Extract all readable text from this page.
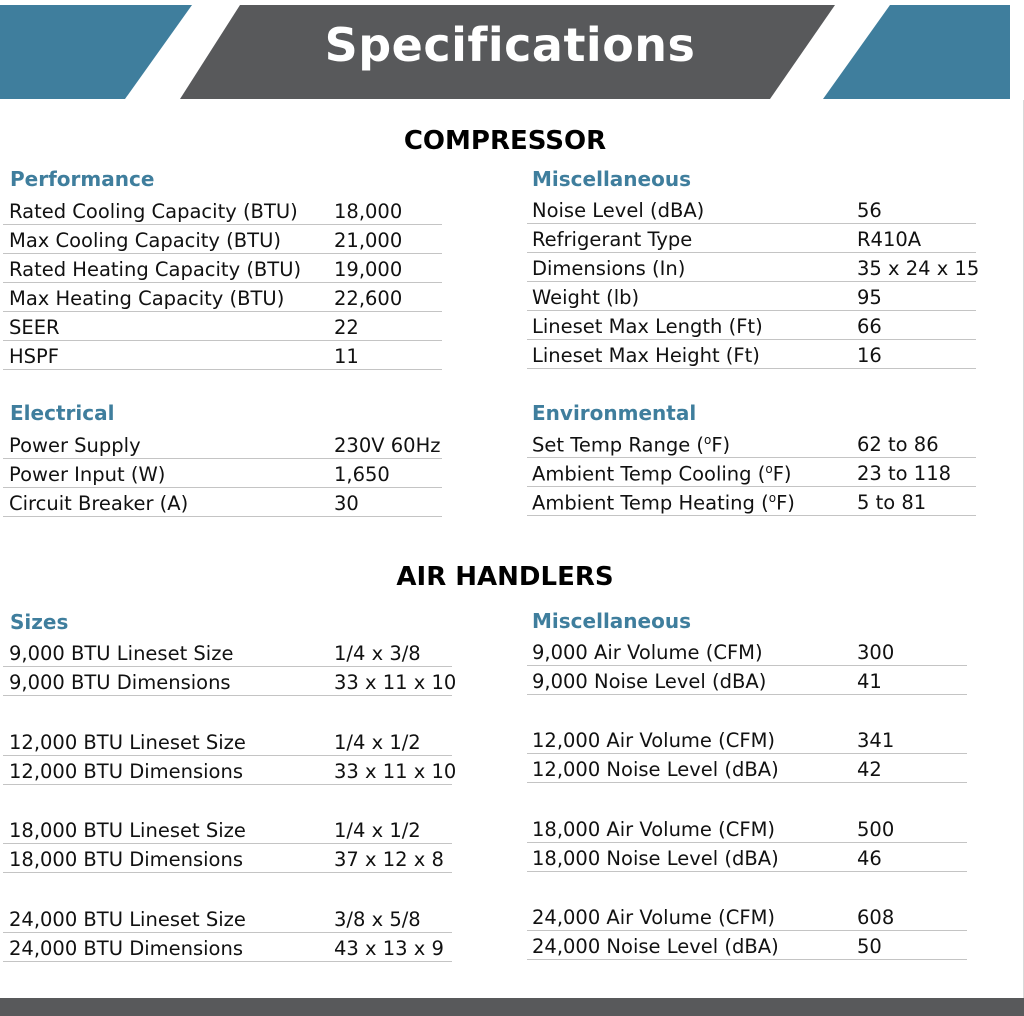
Specifications
COMPRESSOR
Performance
Rated Cooling Capacity (BTU) 18,000
Max Cooling Capacity (BTU)	21,000
Rated Heating Capacity (BTU) 19,000
Max Heating Capacity (BTU)	22,600
SEER	22
HSPF	11
Miscellaneous
Noise Level (dBA)	56
Refrigerant Type	R410A
Dimensions (In)	35 x 24 x 15
Weight (lb)	95
Lineset Max Length (Ft)	66
Lineset Max Height (Ft)	16
Electrical
Power Supply	230V 60Hz
Power Input (W)	1,650
Circuit Breaker (A)	30
Environmental
Set Temp Range ($^o$F)	62 to 86
Ambient Temp Cooling ($^o$F)	23 to 118
Ambient Temp Heating ($^o$F)	5 to 81
AIR HANDLERS
Sizes
9,000 BTU Lineset Size	1/4 x 3/8
9,000 BTU Dimensions	33 x 11 x 10
12,000 BTU Lineset Size	1/4 x 1/2
12,000 BTU Dimensions	33 x 11 x 10
18,000 BTU Lineset Size	1/4 x 1/2
18,000 BTU Dimensions	37 x 12 x 8
24,000 BTU Lineset Size	3/8 x 5/8
24,000 BTU Dimensions	43 x 13 x 9
Miscellaneous
9,000 Air Volume (CFM)	300
9,000 Noise Level (dBA)	41
12,000 Air Volume (CFM)	341
12,000 Noise Level (dBA)	42
18,000 Air Volume (CFM)	500
18,000 Noise Level (dBA)	46
24,000 Air Volume (CFM)	608
24,000 Noise Level (dBA)	50
